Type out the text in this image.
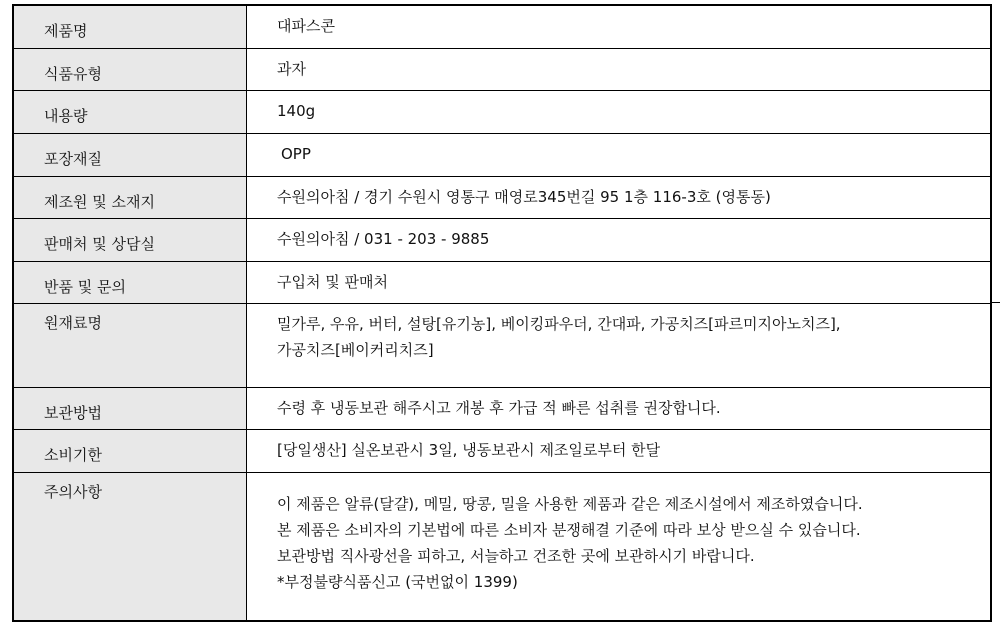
제품명	대파스콘

식품유형	과자

내용량	140g

포장재질	OPP

제조원 및 소재지	수원의아침 / 경기 수원시 영통구 매영로345번길 95 1층 116-3호 (영통동)

판매처 및 상담실	수원의아침 / 031 - 203 - 9885

반품 및 문의	구입처 및 판매처

원재료명	밀가루, 우유, 버터, 설탕[유기농], 베이킹파우더, 간대파, 가공치즈[파르미지아노치즈],
가공치즈[베이커리치즈]

보관방법	수령 후 냉동보관 해주시고 개봉 후 가급 적 빠른 섭취를 권장합니다.

소비기한	[당일생산] 실온보관시 3일, 냉동보관시 제조일로부터 한달

주의사항	이 제품은 알류(달걀), 메밀, 땅콩, 밀을 사용한 제품과 같은 제조시설에서 제조하였습니다.
본 제품은 소비자의 기본법에 따른 소비자 분쟁해결 기준에 따라 보상 받으실 수 있습니다.
보관방법 직사광선을 피하고, 서늘하고 건조한 곳에 보관하시기 바랍니다.
*부정불량식품신고 (국번없이 1399)
